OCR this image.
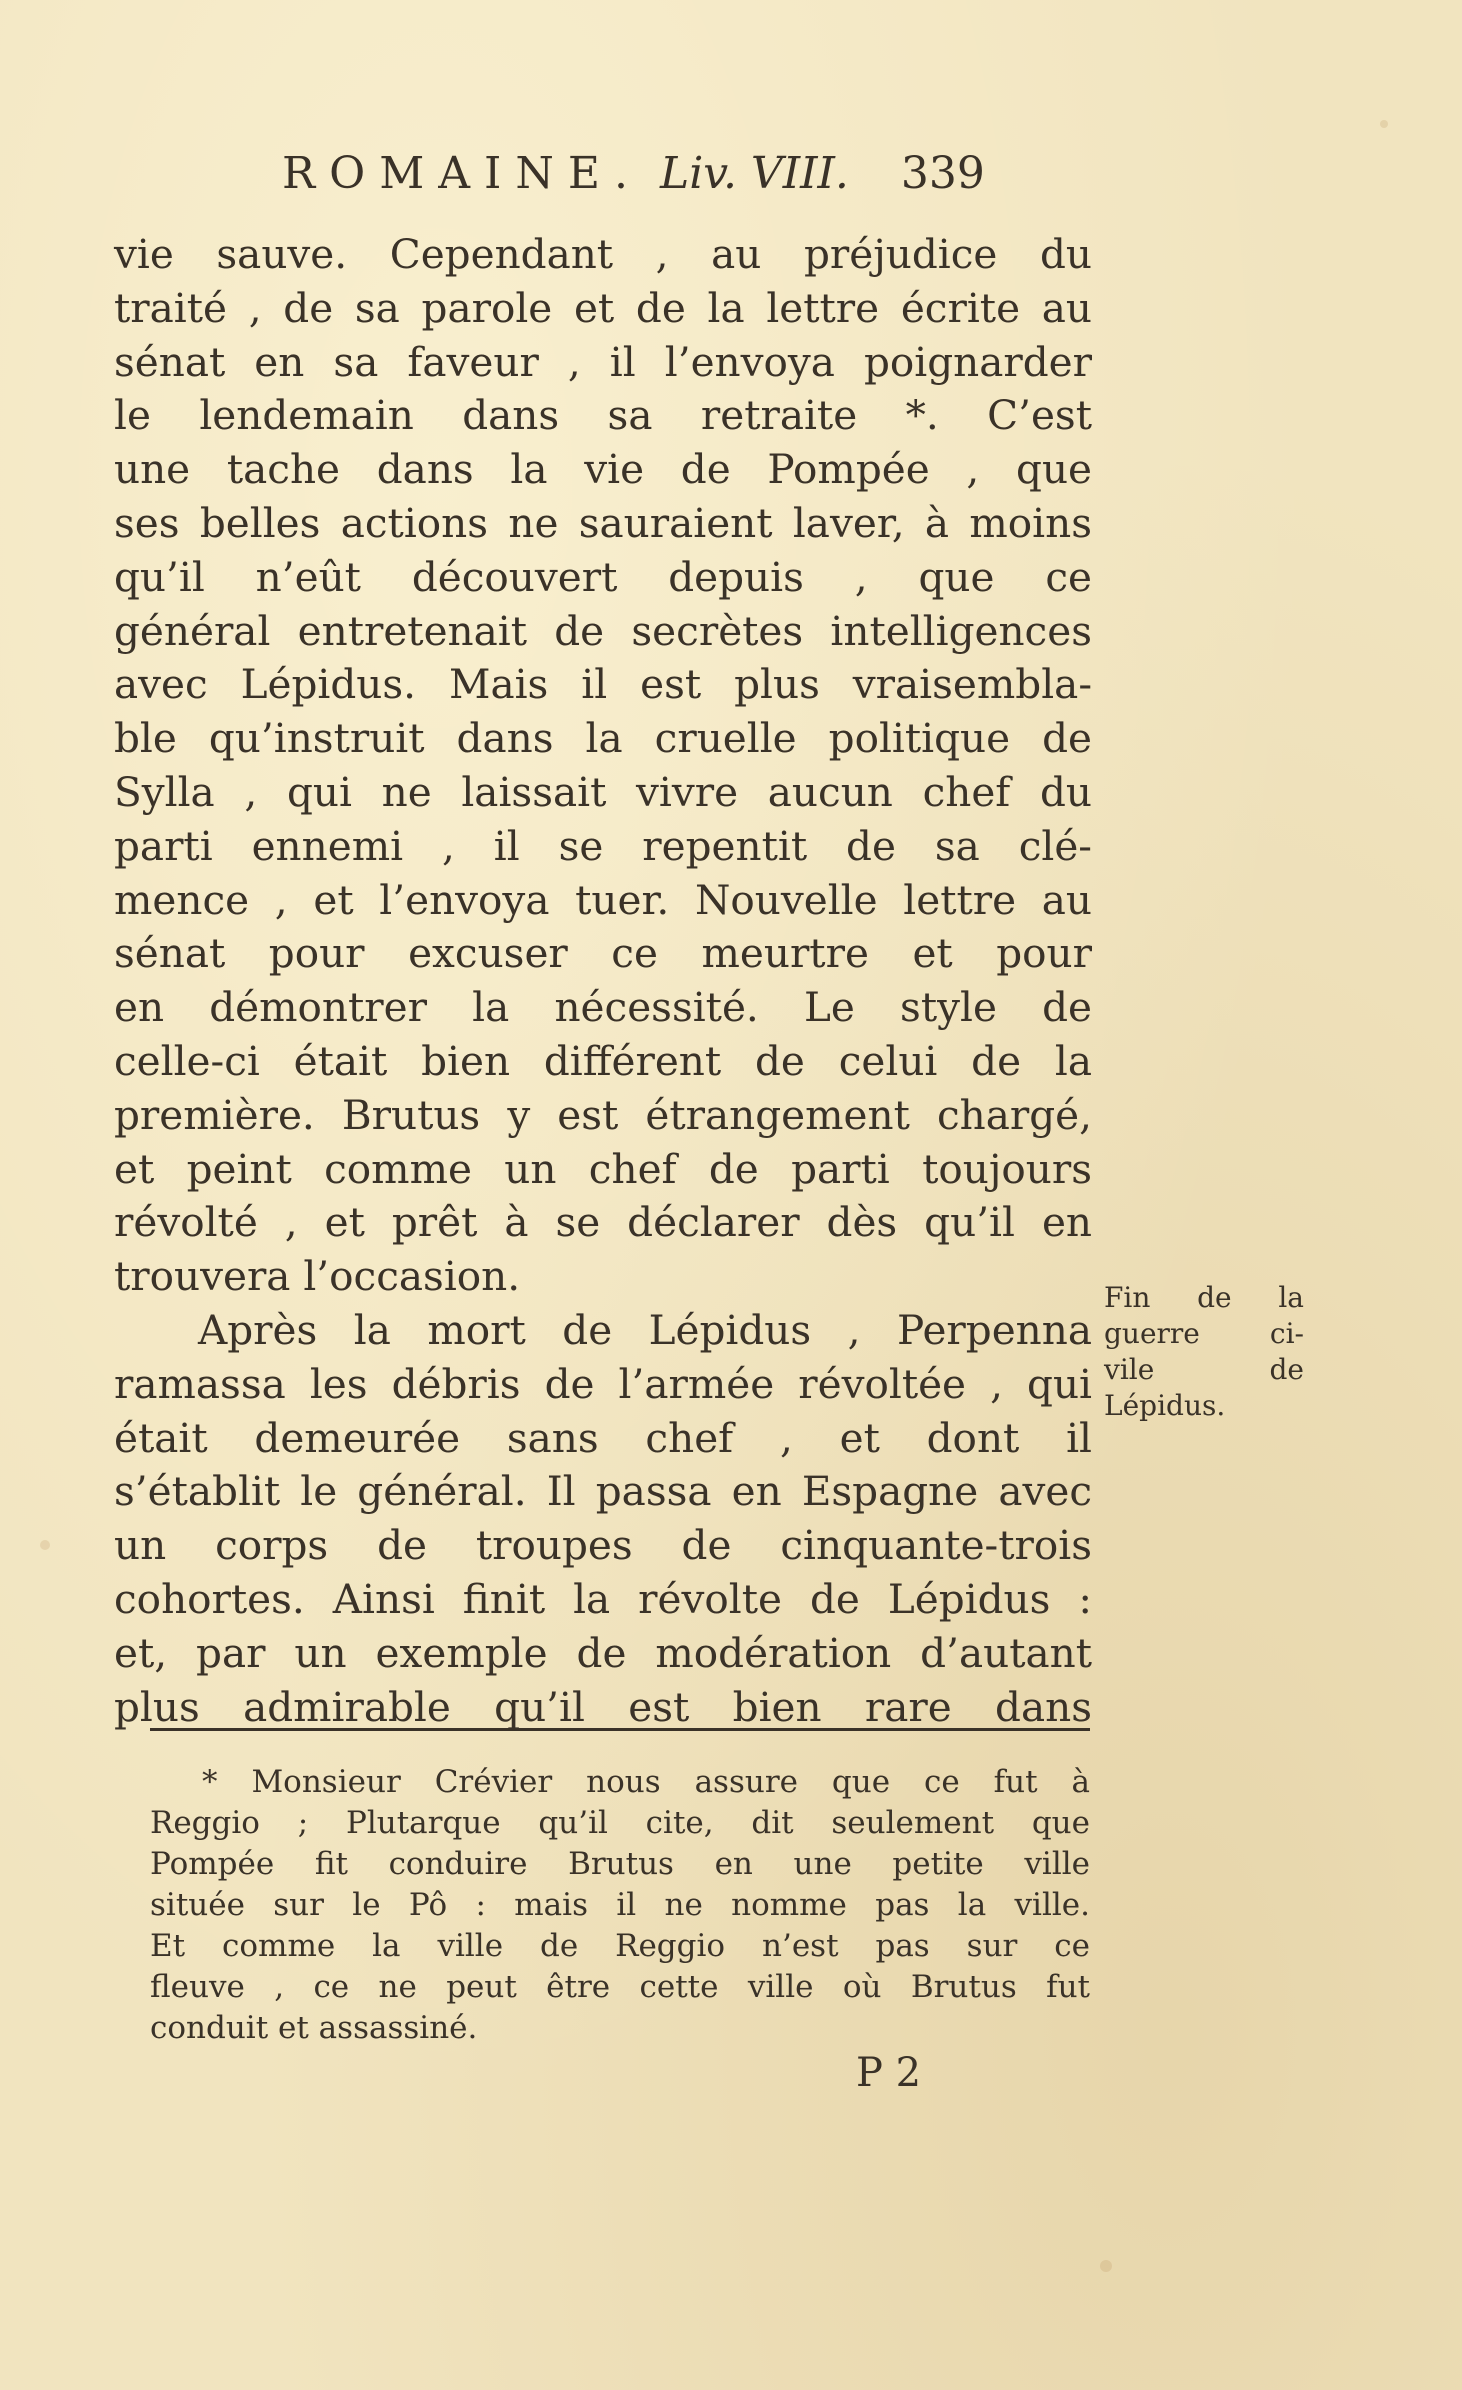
ROMAINE. Liv. VIII. 339
vie sauve. Cependant , au préjudice du
traité , de sa parole et de la lettre écrite au
sénat en sa faveur , il l’envoya poignarder
le lendemain dans sa retraite *. C’est
une tache dans la vie de Pompée , que
ses belles actions ne sauraient laver, à moins
qu’il n’eût découvert depuis , que ce
général entretenait de secrètes intelligences
avec Lépidus. Mais il est plus vraisembla-
ble qu’instruit dans la cruelle politique de
Sylla , qui ne laissait vivre aucun chef du
parti ennemi , il se repentit de sa clé-
mence , et l’envoya tuer. Nouvelle lettre au
sénat pour excuser ce meurtre et pour
en démontrer la nécessité. Le style de
celle-ci était bien différent de celui de la
première. Brutus y est étrangement chargé,
et peint comme un chef de parti toujours
révolté , et prêt à se déclarer dès qu’il en
trouvera l’occasion.
Après la mort de Lépidus , Perpenna
ramassa les débris de l’armée révoltée , qui
était demeurée sans chef , et dont il
s’établit le général. Il passa en Espagne avec
un corps de troupes de cinquante-trois
cohortes. Ainsi finit la révolte de Lépidus :
et, par un exemple de modération d’autant
plus admirable qu’il est bien rare dans
Fin de la
guerre ci-
vile de
Lépidus.
* Monsieur Crévier nous assure que ce fut à
Reggio ; Plutarque qu’il cite, dit seulement que
Pompée fit conduire Brutus en une petite ville
située sur le Pô : mais il ne nomme pas la ville.
Et comme la ville de Reggio n’est pas sur ce
fleuve , ce ne peut être cette ville où Brutus fut
conduit et assassiné.
P 2
